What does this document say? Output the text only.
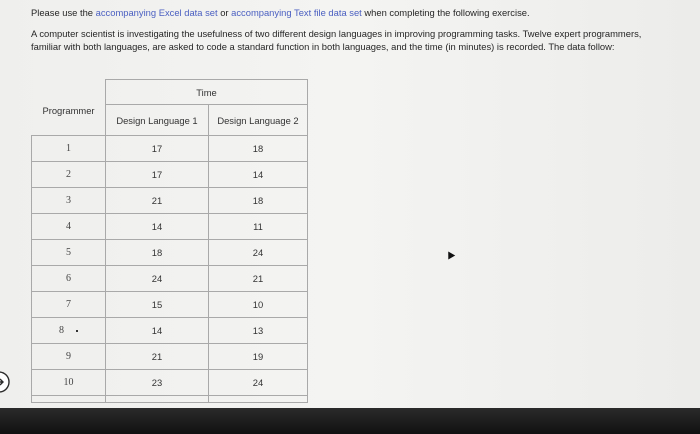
Please use the accompanying Excel data set or accompanying Text file data set when completing the following exercise.
A computer scientist is investigating the usefulness of two different design languages in improving programming tasks. Twelve expert programmers, familiar with both languages, are asked to code a standard function in both languages, and the time (in minutes) is recorded. The data follow:
	Time	
Programmer	Design Language 1	Design Language 2
1	17	18
2	17	14
3	21	18
4	14	11
5	18	24
6	24	21
7	15	10
8	14	13
9	21	19
10	23	24
